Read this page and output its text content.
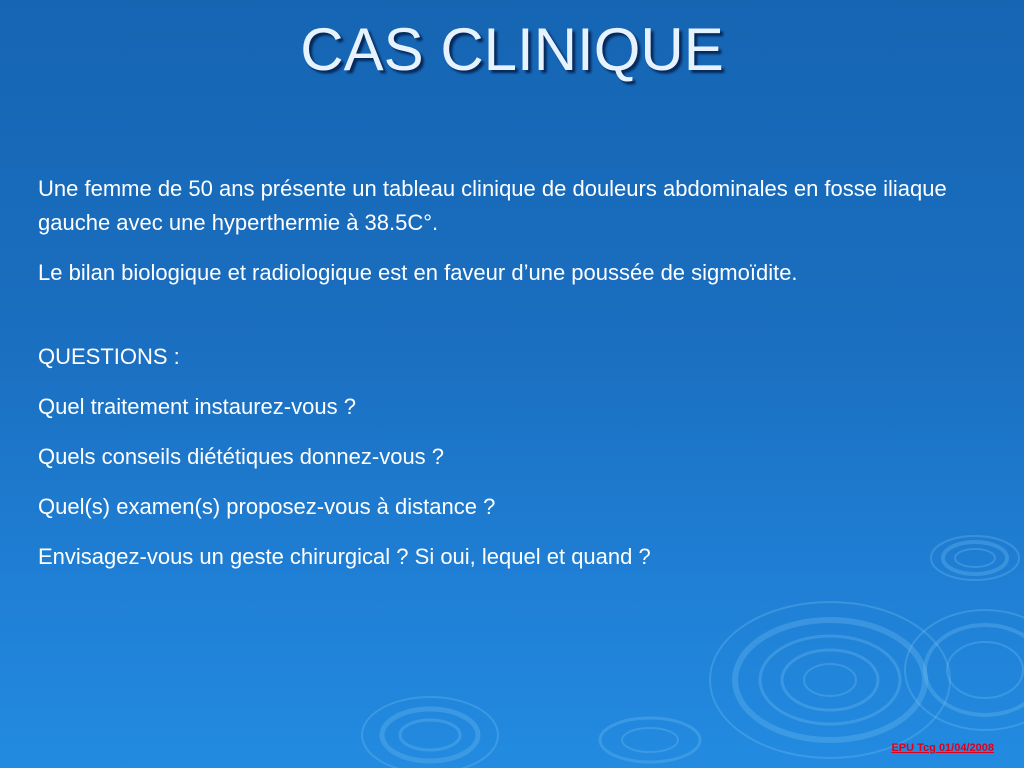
CAS CLINIQUE

Une femme de 50 ans présente un tableau clinique de douleurs abdominales en fosse iliaque gauche avec une hyperthermie à 38.5C°.

Le bilan biologique et radiologique est en faveur d’une poussée de sigmoïdite.

QUESTIONS :

Quel traitement instaurez-vous ?

Quels conseils diététiques donnez-vous ?

Quel(s) examen(s) proposez-vous à distance ?

Envisagez-vous un geste chirurgical ? Si oui, lequel et quand ?

EPU Tcg 01/04/2008
